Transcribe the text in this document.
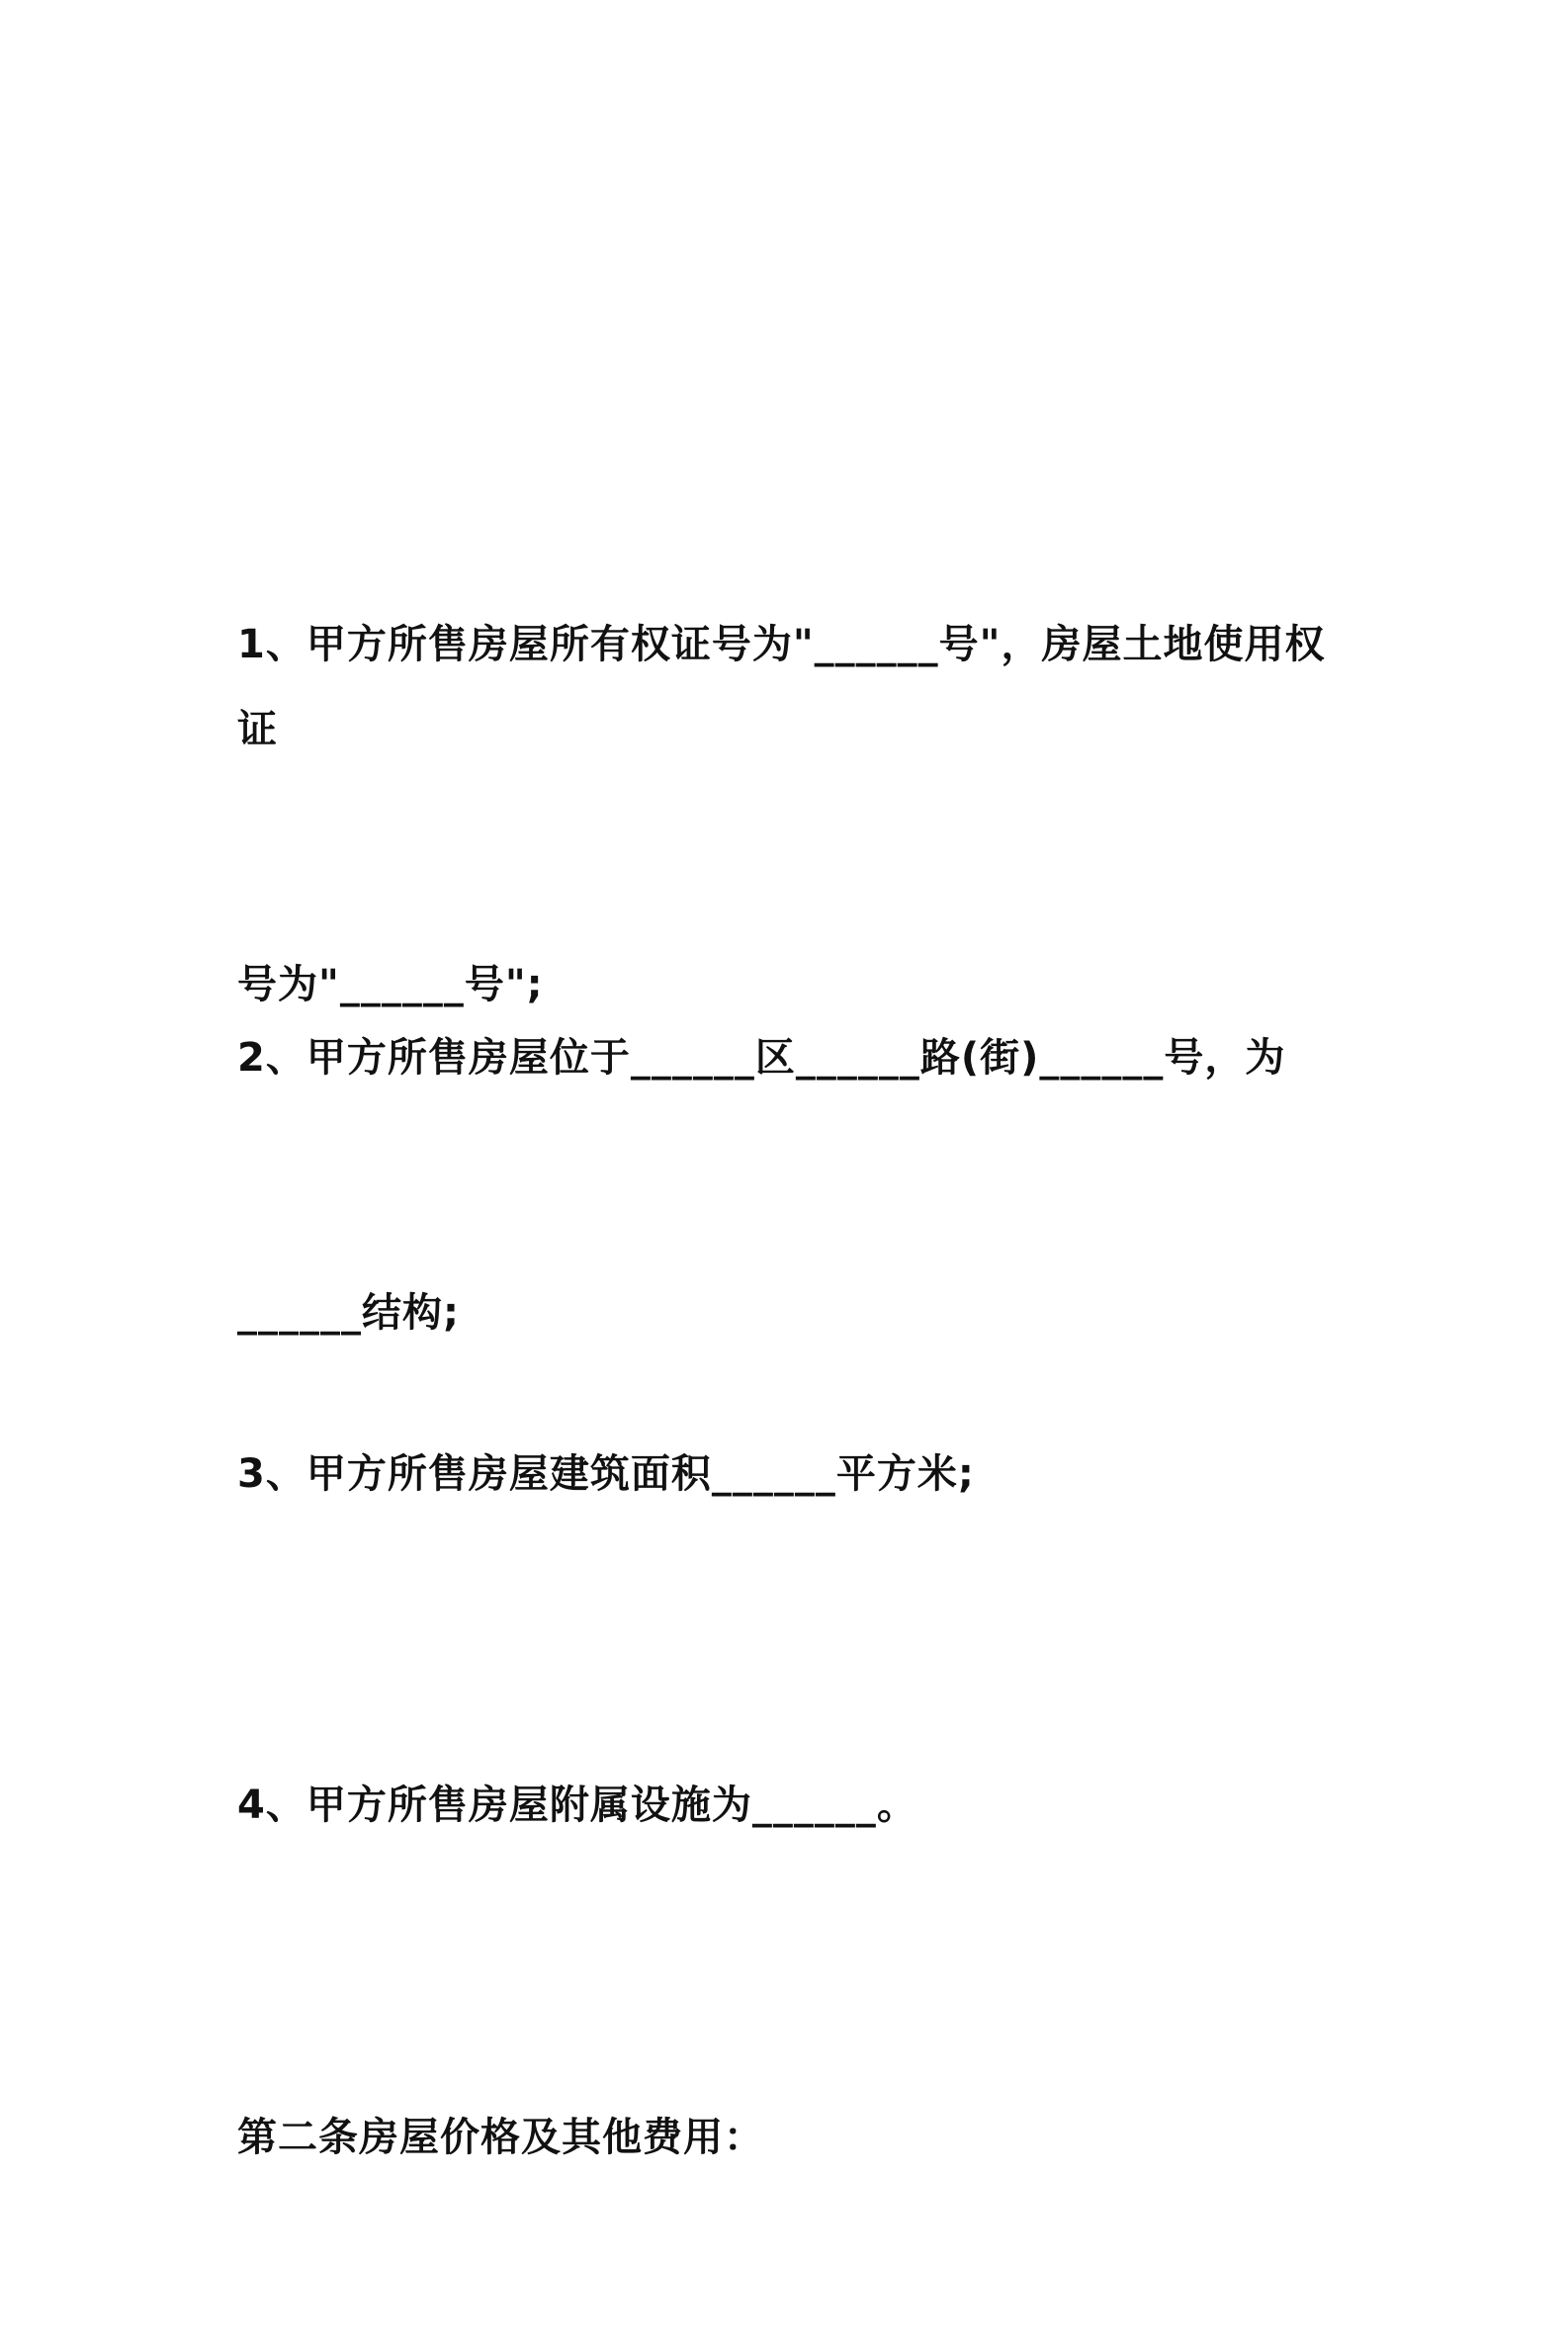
1、甲方所售房屋所有权证号为"______号"，房屋土地使用权证

号为"______号";

2、甲方所售房屋位于______区______路(街)______号，为

______结构;

3、甲方所售房屋建筑面积______平方米;

4、甲方所售房屋附属设施为______。

第二条房屋价格及其他费用：
